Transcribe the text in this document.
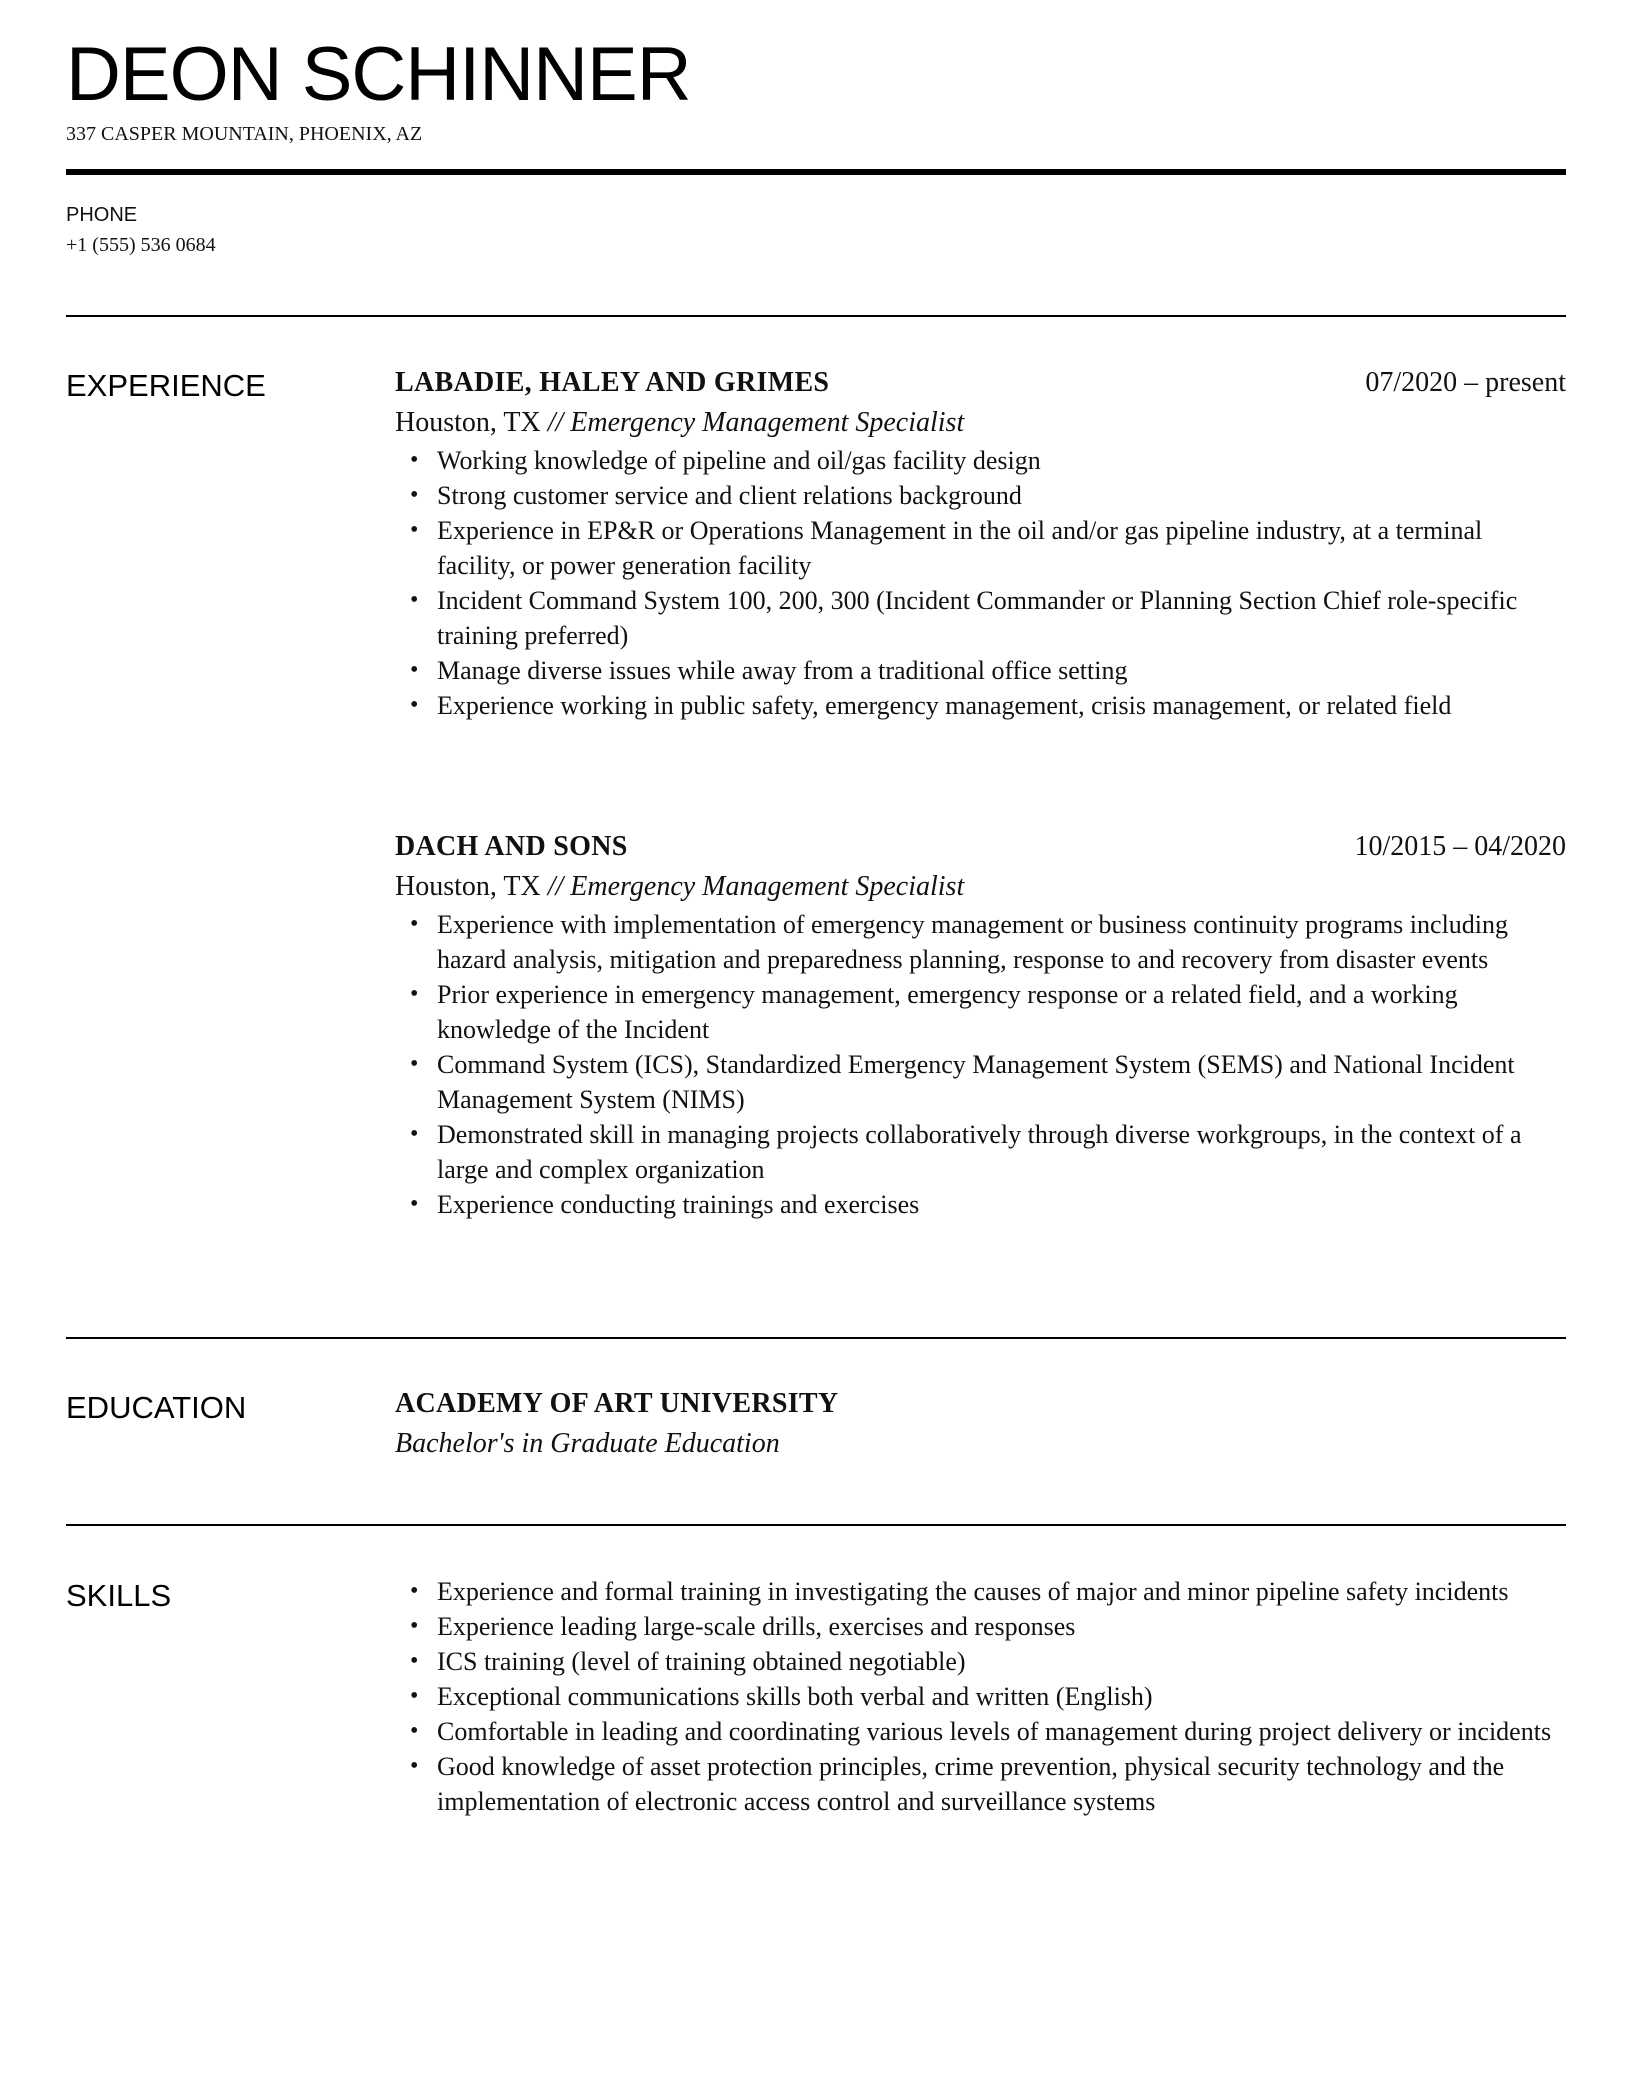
DEON SCHINNER
337 CASPER MOUNTAIN, PHOENIX, AZ
PHONE
+1 (555) 536 0684
EXPERIENCE	LABADIE, HALEY AND GRIMES	07/2020 – present
Houston, TX // Emergency Management Specialist
• Working knowledge of pipeline and oil/gas facility design
• Strong customer service and client relations background
• Experience in EP&R or Operations Management in the oil and/or gas pipeline industry, at a terminal facility, or power generation facility
• Incident Command System 100, 200, 300 (Incident Commander or Planning Section Chief role-specific training preferred)
• Manage diverse issues while away from a traditional office setting
• Experience working in public safety, emergency management, crisis management, or related field
DACH AND SONS	10/2015 – 04/2020
Houston, TX // Emergency Management Specialist
• Experience with implementation of emergency management or business continuity programs including hazard analysis, mitigation and preparedness planning, response to and recovery from disaster events
• Prior experience in emergency management, emergency response or a related field, and a working knowledge of the Incident
• Command System (ICS), Standardized Emergency Management System (SEMS) and National Incident Management System (NIMS)
• Demonstrated skill in managing projects collaboratively through diverse workgroups, in the context of a large and complex organization
• Experience conducting trainings and exercises
EDUCATION	ACADEMY OF ART UNIVERSITY
Bachelor's in Graduate Education
SKILLS
•	Experience and formal training in investigating the causes of major and minor pipeline safety incidents
• Experience leading large-scale drills, exercises and responses
• ICS training (level of training obtained negotiable)
• Exceptional communications skills both verbal and written (English)
• Comfortable in leading and coordinating various levels of management during project delivery or incidents
• Good knowledge of asset protection principles, crime prevention, physical security technology and the implementation of electronic access control and surveillance systems
